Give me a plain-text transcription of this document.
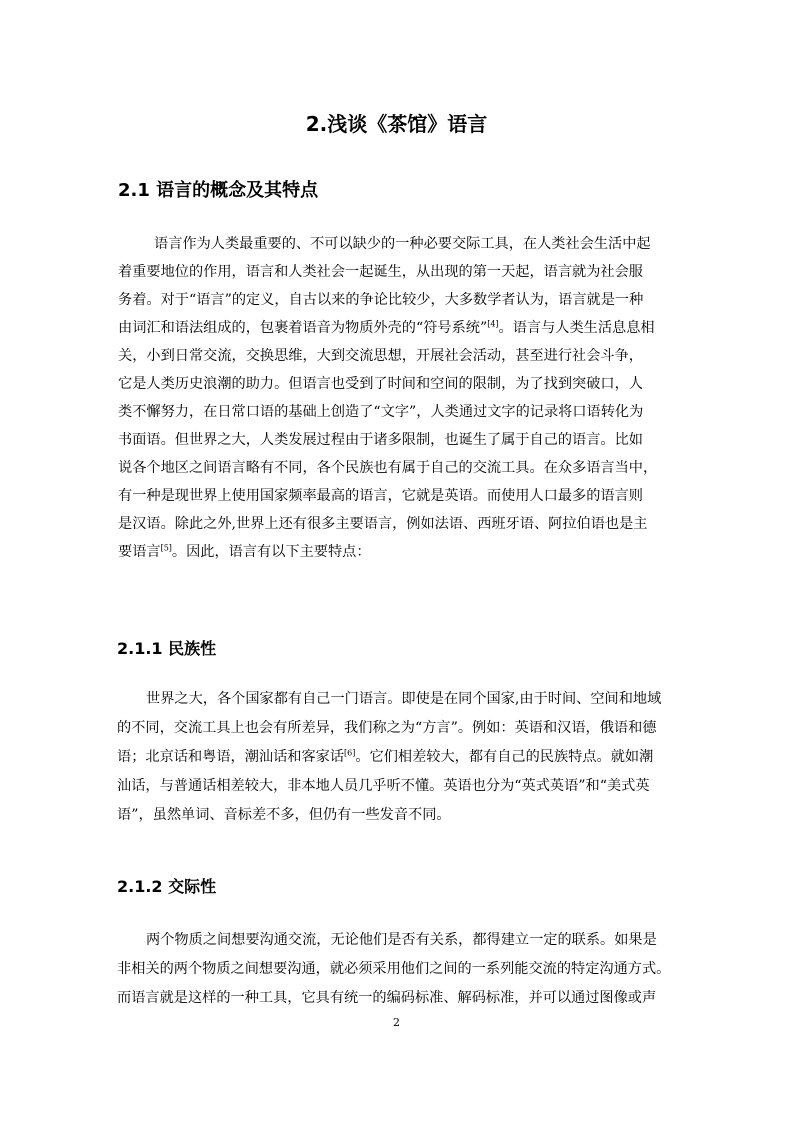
2.浅谈《茶馆》语言
2.1 语言的概念及其特点
语言作为人类最重要的、不可以缺少的一种必要交际工具，在人类社会生活中起
着重要地位的作用，语言和人类社会一起诞生，从出现的第一天起，语言就为社会服
务着。对于“语言”的定义，自古以来的争论比较少，大多数学者认为，语言就是一种
由词汇和语法组成的，包裹着语音为物质外壳的“符号系统”[4]。语言与人类生活息息相
关，小到日常交流，交换思维，大到交流思想，开展社会活动，甚至进行社会斗争，
它是人类历史浪潮的助力。但语言也受到了时间和空间的限制，为了找到突破口，人
类不懈努力，在日常口语的基础上创造了“文字”，人类通过文字的记录将口语转化为
书面语。但世界之大，人类发展过程由于诸多限制，也诞生了属于自己的语言。比如
说各个地区之间语言略有不同，各个民族也有属于自己的交流工具。在众多语言当中，
有一种是现世界上使用国家频率最高的语言，它就是英语。而使用人口最多的语言则
是汉语。除此之外,世界上还有很多主要语言，例如法语、西班牙语、阿拉伯语也是主
要语言[5]。因此，语言有以下主要特点：
2.1.1 民族性
世界之大，各个国家都有自己一门语言。即使是在同个国家,由于时间、空间和地域
的不同，交流工具上也会有所差异，我们称之为“方言”。例如：英语和汉语，俄语和德
语；北京话和粤语，潮汕话和客家话[6]。它们相差较大，都有自己的民族特点。就如潮
汕话，与普通话相差较大，非本地人员几乎听不懂。英语也分为“英式英语”和“美式英
语”，虽然单词、音标差不多，但仍有一些发音不同。
2.1.2 交际性
两个物质之间想要沟通交流，无论他们是否有关系，都得建立一定的联系。如果是
非相关的两个物质之间想要沟通，就必须采用他们之间的一系列能交流的特定沟通方式。
而语言就是这样的一种工具，它具有统一的编码标准、解码标准，并可以通过图像或声
2
